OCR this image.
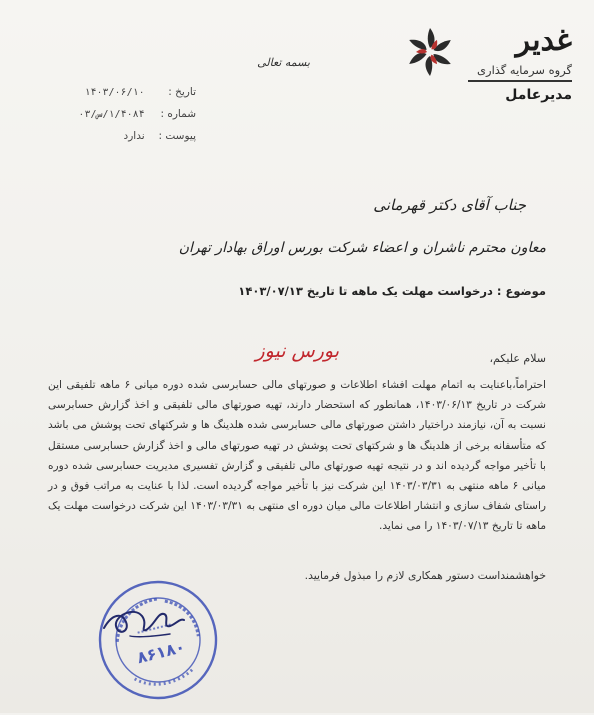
غدیر
گروه سرمایه گذاری
مدیرعامل
بسمه تعالی
تاریخ : ۱۴۰۳/۰۶/۱۰
شماره : ۱/۴۰۸۴/س/۰۳
پیوست : ندارد
جناب آقای دکتر قهرمانی
معاون محترم ناشران و اعضاء شرکت بورس اوراق بهادار تهران
موضوع : درخواست مهلت یک ماهه تا تاریخ ۱۴۰۳/۰۷/۱۳
بورس نیوز	سلام علیکم،
احتراماً،باعنایت به اتمام مهلت افشاء اطلاعات و صورتهای مالی حسابرسی شده دوره میانی ۶ ماهه تلفیقی این شرکت در تاریخ ۱۴۰۳/۰۶/۱۳، همانطور که استحضار دارند، تهیه صورتهای مالی تلفیقی و اخذ گزارش حسابرسی نسبت به آن، نیازمند دراختیار داشتن صورتهای مالی حسابرسی شده هلدینگ ها و شرکتهای تحت پوشش می باشد که متأسفانه برخی از هلدینگ ها و شرکتهای تحت پوشش در تهیه صورتهای مالی و اخذ گزارش حسابرسی مستقل با تأخیر مواجه گردیده اند و در نتیجه تهیه صورتهای مالی تلفیقی و گزارش تفسیری مدیریت حسابرسی شده دوره میانی ۶ ماهه منتهی به ۱۴۰۳/۰۳/۳۱ این شرکت نیز با تأخیر مواجه گردیده است. لذا با عنایت به مراتب فوق و در راستای شفاف سازی و انتشار اطلاعات مالی میان دوره ای منتهی به ۱۴۰۳/۰۳/۳۱ این شرکت درخواست مهلت یک ماهه تا تاریخ ۱۴۰۳/۰۷/۱۳ را می نماید.
خواهشمنداست دستور همکاری لازم را مبذول فرمایید.
۸۶۱۸۰
